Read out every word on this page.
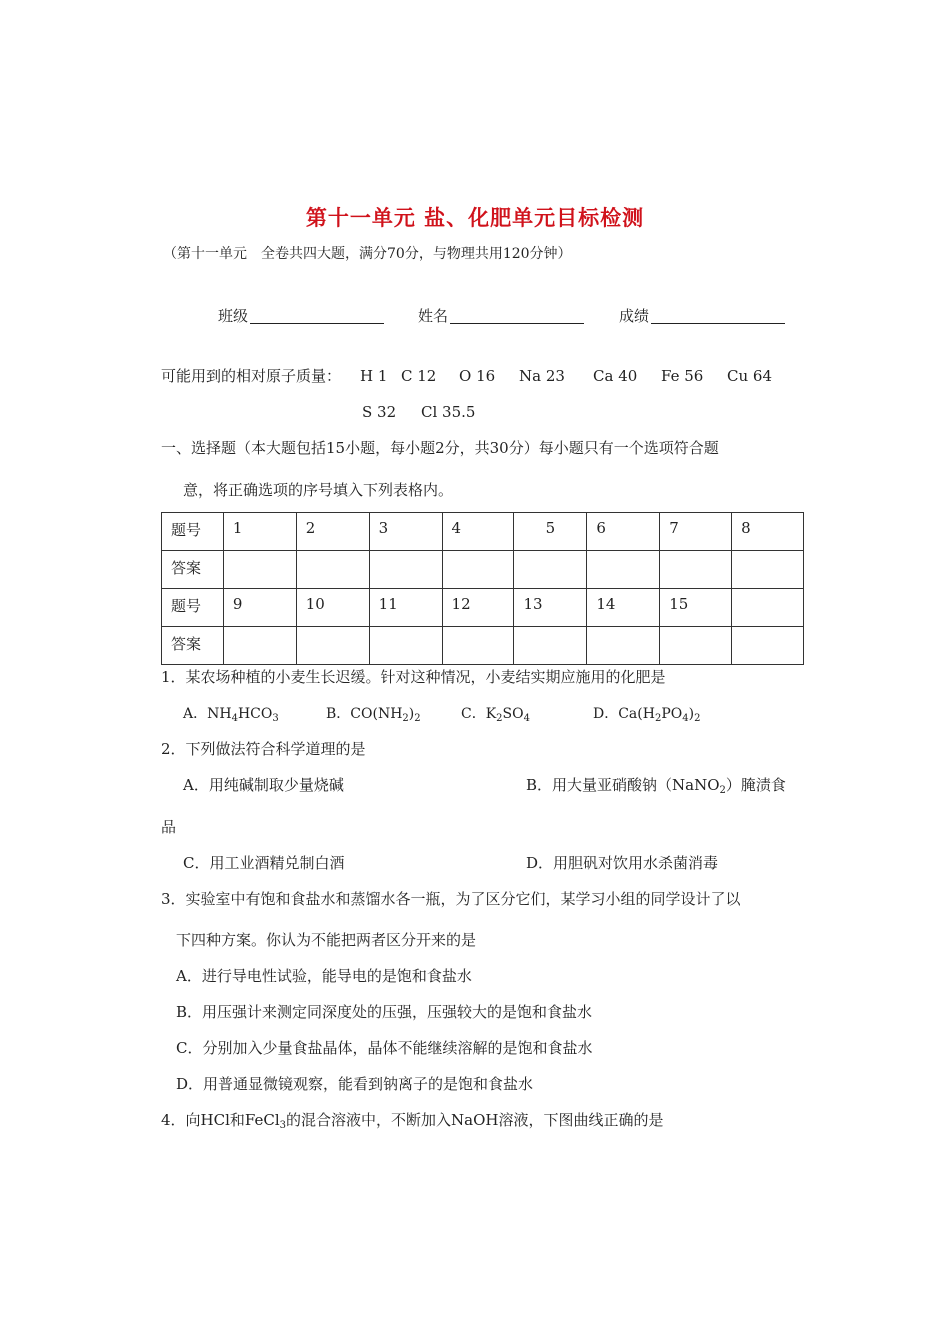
第十一单元 盐、化肥单元目标检测
（第十一单元　全卷共四大题，满分70分，与物理共用120分钟）
班级	姓名	成绩
可能用到的相对原子质量： H 1 C 12 O 16 Na 23 Ca 40 Fe 56 Cu 64
S 32 Cl 35.5
一、选择题（本大题包括15小题，每小题2分，共30分）每小题只有一个选项符合题
意，将正确选项的序号填入下列表格内。
题号	1	2	3	4	5	6	7	8
答案								
题号	9	10	11	12	13	14	15	
答案								
1．某农场种植的小麦生长迟缓。针对这种情况，小麦结实期应施用的化肥是
A．$NH_4HCO_3$	B．$CO(NH_2)_2$	C．$K_2SO_4$	D．$Ca(H_2PO_4)_2$
2．下列做法符合科学道理的是
A．用纯碱制取少量烧碱	B．用大量亚硝酸钠（NaNO$_2$）腌渍食
品
C．用工业酒精兑制白酒	D．用胆矾对饮用水杀菌消毒
3．实验室中有饱和食盐水和蒸馏水各一瓶，为了区分它们，某学习小组的同学设计了以
下四种方案。你认为不能把两者区分开来的是
A．进行导电性试验，能导电的是饱和食盐水
B．用压强计来测定同深度处的压强，压强较大的是饱和食盐水
C．分别加入少量食盐晶体，晶体不能继续溶解的是饱和食盐水
D．用普通显微镜观察，能看到钠离子的是饱和食盐水
4．向HCl和FeCl$_3$的混合溶液中，不断加入NaOH溶液，下图曲线正确的是
